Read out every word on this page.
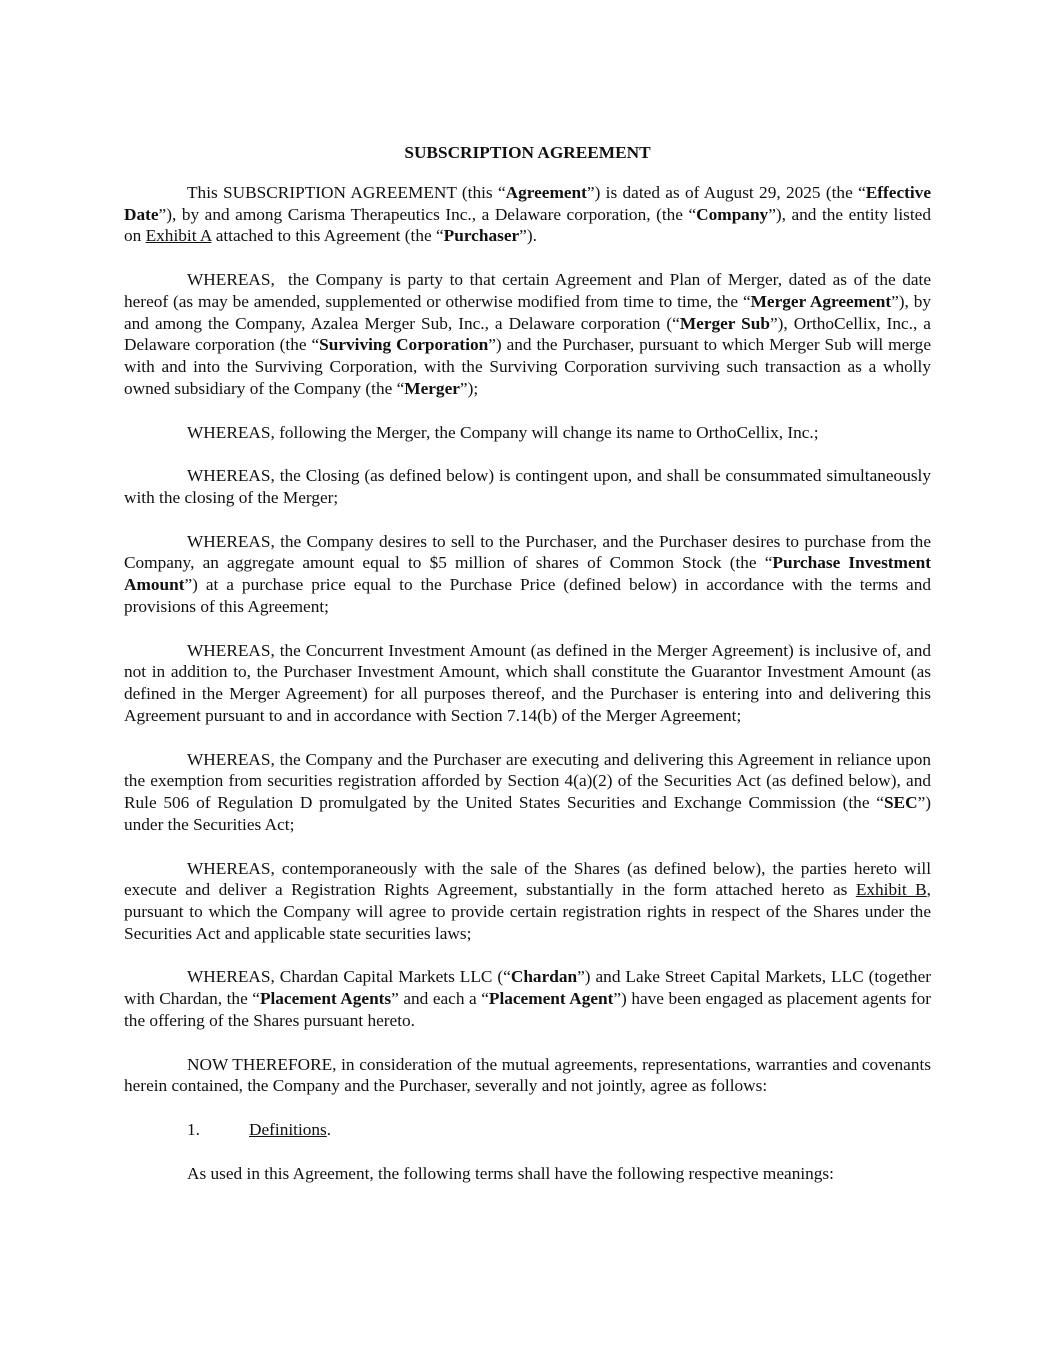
SUBSCRIPTION AGREEMENT

This SUBSCRIPTION AGREEMENT (this “Agreement”) is dated as of August 29, 2025 (the “Effective Date”), by and among Carisma Therapeutics Inc., a Delaware corporation, (the “Company”), and the entity listed on Exhibit A attached to this Agreement (the “Purchaser”).

WHEREAS,  the Company is party to that certain Agreement and Plan of Merger, dated as of the date hereof (as may be amended, supplemented or otherwise modified from time to time, the “Merger Agreement”), by and among the Company, Azalea Merger Sub, Inc., a Delaware corporation (“Merger Sub”), OrthoCellix, Inc., a Delaware corporation (the “Surviving Corporation”) and the Purchaser, pursuant to which Merger Sub will merge with and into the Surviving Corporation, with the Surviving Corporation surviving such transaction as a wholly owned subsidiary of the Company (the “Merger”);

WHEREAS, following the Merger, the Company will change its name to OrthoCellix, Inc.;

WHEREAS, the Closing (as defined below) is contingent upon, and shall be consummated simultaneously with the closing of the Merger;

WHEREAS, the Company desires to sell to the Purchaser, and the Purchaser desires to purchase from the Company, an aggregate amount equal to $5 million of shares of Common Stock (the “Purchase Investment Amount”) at a purchase price equal to the Purchase Price (defined below) in accordance with the terms and provisions of this Agreement;

WHEREAS, the Concurrent Investment Amount (as defined in the Merger Agreement) is inclusive of, and not in addition to, the Purchaser Investment Amount, which shall constitute the Guarantor Investment Amount (as defined in the Merger Agreement) for all purposes thereof, and the Purchaser is entering into and delivering this Agreement pursuant to and in accordance with Section 7.14(b) of the Merger Agreement;

WHEREAS, the Company and the Purchaser are executing and delivering this Agreement in reliance upon the exemption from securities registration afforded by Section 4(a)(2) of the Securities Act (as defined below), and Rule 506 of Regulation D promulgated by the United States Securities and Exchange Commission (the “SEC”) under the Securities Act;

WHEREAS, contemporaneously with the sale of the Shares (as defined below), the parties hereto will execute and deliver a Registration Rights Agreement, substantially in the form attached hereto as Exhibit B, pursuant to which the Company will agree to provide certain registration rights in respect of the Shares under the Securities Act and applicable state securities laws;

WHEREAS, Chardan Capital Markets LLC (“Chardan”) and Lake Street Capital Markets, LLC (together with Chardan, the “Placement Agents” and each a “Placement Agent”) have been engaged as placement agents for the offering of the Shares pursuant hereto.

NOW THEREFORE, in consideration of the mutual agreements, representations, warranties and covenants herein contained, the Company and the Purchaser, severally and not jointly, agree as follows:

1.	Definitions.

As used in this Agreement, the following terms shall have the following respective meanings:
